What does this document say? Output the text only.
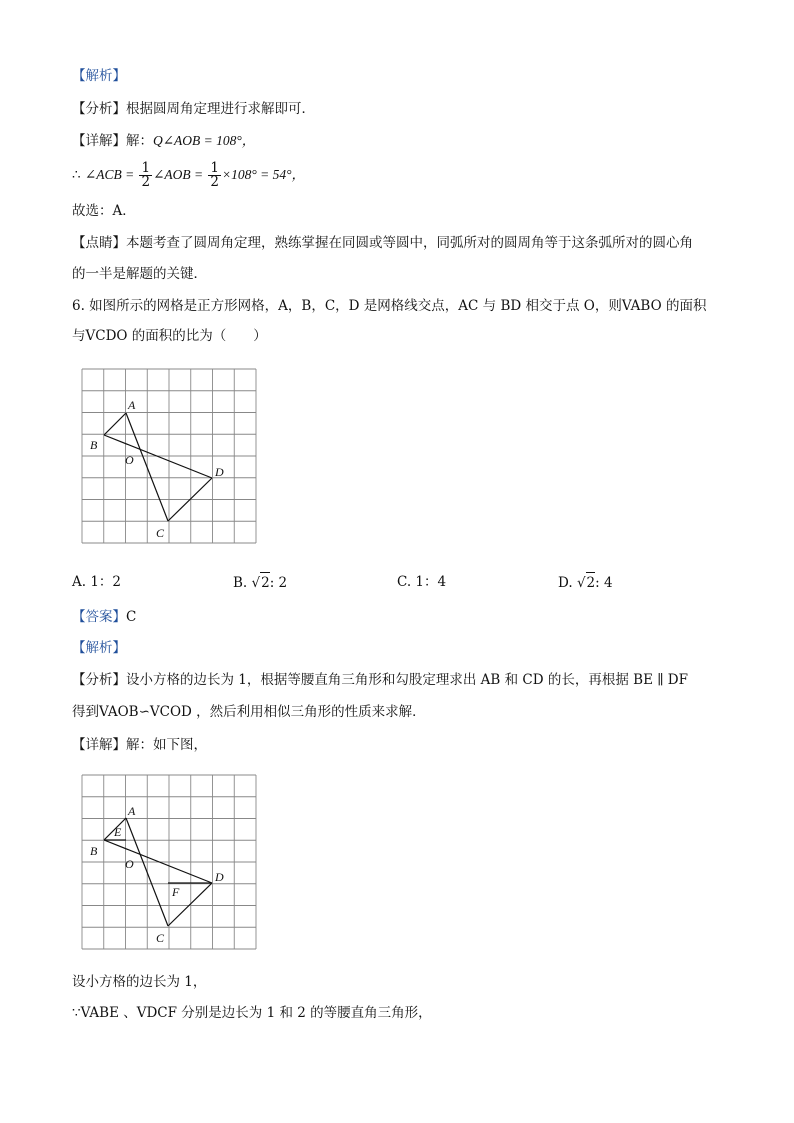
【解析】
【分析】根据圆周角定理进行求解即可．
【详解】解：Q∠AOB = 108°，
∴ ∠ACB = $\frac{1}{2}$ ∠AOB = $\frac{1}{2} \times 108^\circ = 54^\circ$，
故选：A．
【点睛】本题考查了圆周角定理，熟练掌握在同圆或等圆中，同弧所对的圆周角等于这条弧所对的圆心角
的一半是解题的关键．
6. 如图所示的网格是正方形网格，A，B，C，D 是网格线交点，AC 与 BD 相交于点 O，则VABO 的面积
与VCDO 的面积的比为（　　）
A
B
O
D
C
A. 1：2	B. √2: 2	C. 1：4	D. √2: 4
【答案】C
【解析】
【分析】设小方格的边长为 1，根据等腰直角三角形和勾股定理求出 AB 和 CD 的长，再根据 BE ∥ DF
得到VAOB∽VCOD ，然后利用相似三角形的性质来求解．
【详解】解：如下图，
A
E
B
O
F
D
C
设小方格的边长为 1，
∵VABE 、VDCF 分别是边长为 1 和 2 的等腰直角三角形，
